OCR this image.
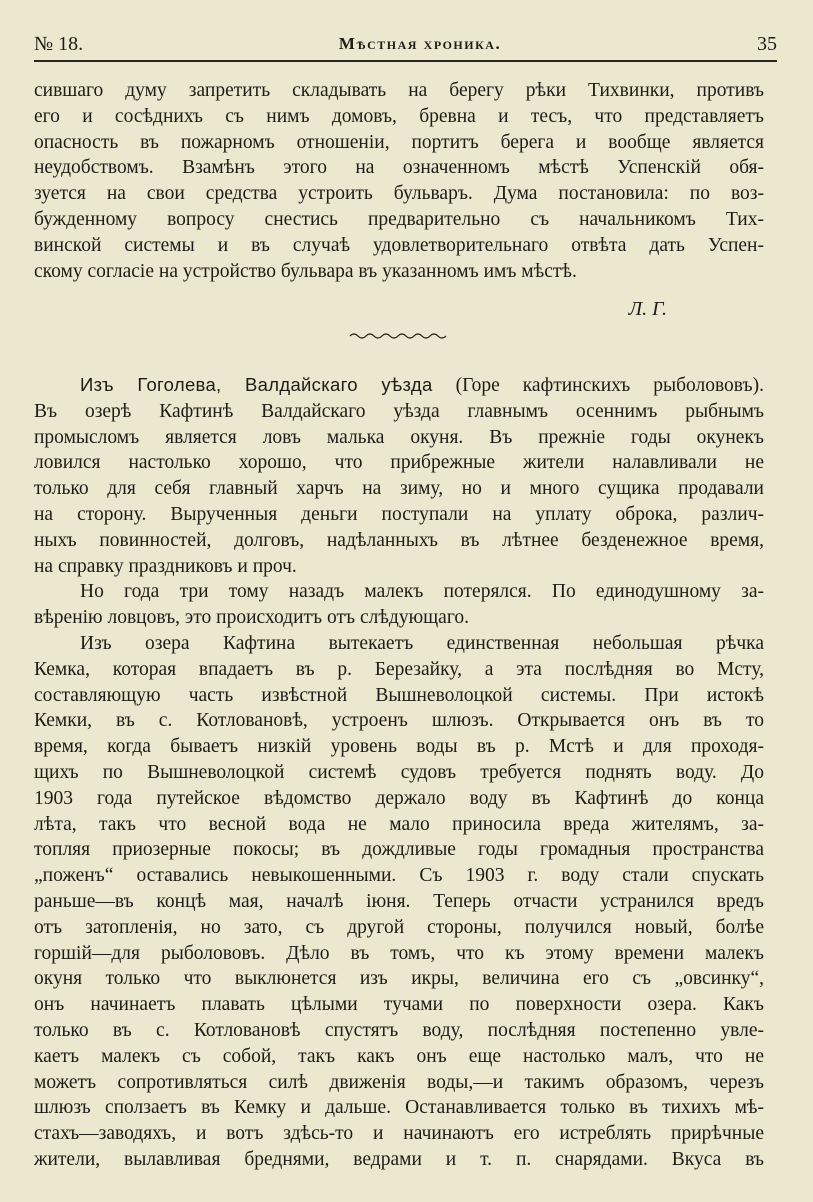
№ 18.	Мѣстная хроника.	35

сившаго думу запретить складывать на берегу рѣки Тихвинки, противъ

его и сосѣднихъ съ нимъ домовъ, бревна и тесъ, что представляетъ

опасность въ пожарномъ отношеніи, портитъ берега и вообще является

неудобствомъ. Взамѣнъ этого на означенномъ мѣстѣ Успенскій обя-

зуется на свои средства устроить бульваръ. Дума постановила: по воз-

бужденному вопросу снестись предварительно съ начальникомъ Тих-

винской системы и въ случаѣ удовлетворительнаго отвѣта дать Успен-

скому согласіе на устройство бульвара въ указанномъ имъ мѣстѣ.

Л. Г.

Изъ Гоголева, Валдайскаго уѣзда (Горе кафтинскихъ рыболововъ).

Въ озерѣ Кафтинѣ Валдайскаго уѣзда главнымъ осеннимъ рыбнымъ

промысломъ является ловъ малька окуня. Въ прежніе годы окунекъ

ловился настолько хорошо, что прибрежные жители налавливали не

только для себя главный харчъ на зиму, но и много сущика продавали

на сторону. Вырученныя деньги поступали на уплату оброка, различ-

ныхъ повинностей, долговъ, надѣланныхъ въ лѣтнее безденежное время,

на справку праздниковъ и проч.

Но года три тому назадъ малекъ потерялся. По единодушному за-

вѣренію ловцовъ, это происходитъ отъ слѣдующаго.

Изъ озера Кафтина вытекаетъ единственная небольшая рѣчка

Кемка, которая впадаетъ въ р. Березайку, а эта послѣдняя во Мсту,

составляющую часть извѣстной Вышневолоцкой системы. При истокѣ

Кемки, въ с. Котлованoвѣ, устроенъ шлюзъ. Открывается онъ въ то

время, когда бываетъ низкій уровень воды въ р. Мстѣ и для проходя-

щихъ по Вышневолоцкой системѣ судовъ требуется поднять воду. До

1903 года путейское вѣдомство держало воду въ Кафтинѣ до конца

лѣта, такъ что весной вода не мало приносила вреда жителямъ, за-

топляя приозерные покосы; въ дождливые годы громадныя пространства

„поженъ“ оставались невыкошенными. Съ 1903 г. воду стали спускать

раньше—въ концѣ мая, началѣ іюня. Теперь отчасти устранился вредъ

отъ затопленія, но зато, съ другой стороны, получился новый, болѣе

горшій—для рыболововъ. Дѣло въ томъ, что къ этому времени малекъ

окуня только что выклюнется изъ икры, величина его съ „овсинку“,

онъ начинаетъ плавать цѣлыми тучами по поверхности озера. Какъ

только въ с. Котловановѣ спустятъ воду, послѣдняя постепенно увле-

каетъ малекъ съ собой, такъ какъ онъ еще настолько малъ, что не

можетъ сопротивляться силѣ движенія воды,—и такимъ образомъ, черезъ

шлюзъ сползаетъ въ Кемку и дальше. Останавливается только въ тихихъ мѣ-

стахъ—заводяхъ, и вотъ здѣсь-то и начинаютъ его истреблять прирѣчные

жители, вылавливая бреднями, ведрами и т. п. снарядами. Вкуса въ
